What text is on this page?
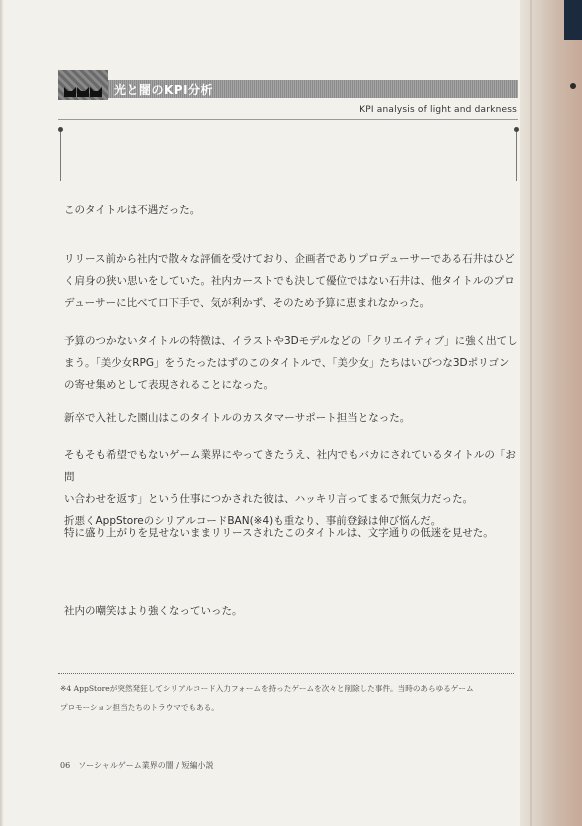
光と闇のKPI分析
KPI analysis of light and darkness
このタイトルは不遇だった。
リリース前から社内で散々な評価を受けており、企画者でありプロデューサーである石井はひど
く肩身の狭い思いをしていた。社内カーストでも決して優位ではない石井は、他タイトルのプロ
デューサーに比べて口下手で、気が利かず、そのため予算に恵まれなかった。
予算のつかないタイトルの特徴は、イラストや3Dモデルなどの「クリエイティブ」に強く出てし
まう。「美少女RPG」をうたったはずのこのタイトルで、「美少女」たちはいびつな3Dポリゴン
の寄せ集めとして表現されることになった。
新卒で入社した園山はこのタイトルのカスタマーサポート担当となった。
そもそも希望でもないゲーム業界にやってきたうえ、社内でもバカにされているタイトルの「お問
い合わせを返す」という仕事につかされた彼は、ハッキリ言ってまるで無気力だった。
折悪くAppStoreのシリアルコードBAN(※4)も重なり、事前登録は伸び悩んだ。
特に盛り上がりを見せないままリリースされたこのタイトルは、文字通りの低迷を見せた。
社内の嘲笑はより強くなっていった。
※4 AppStoreが突然発狂してシリアルコード入力フォームを持ったゲームを次々と削除した事件。当時のあらゆるゲーム
プロモーション担当たちのトラウマでもある。
06　ソーシャルゲーム業界の闇 / 短編小説
